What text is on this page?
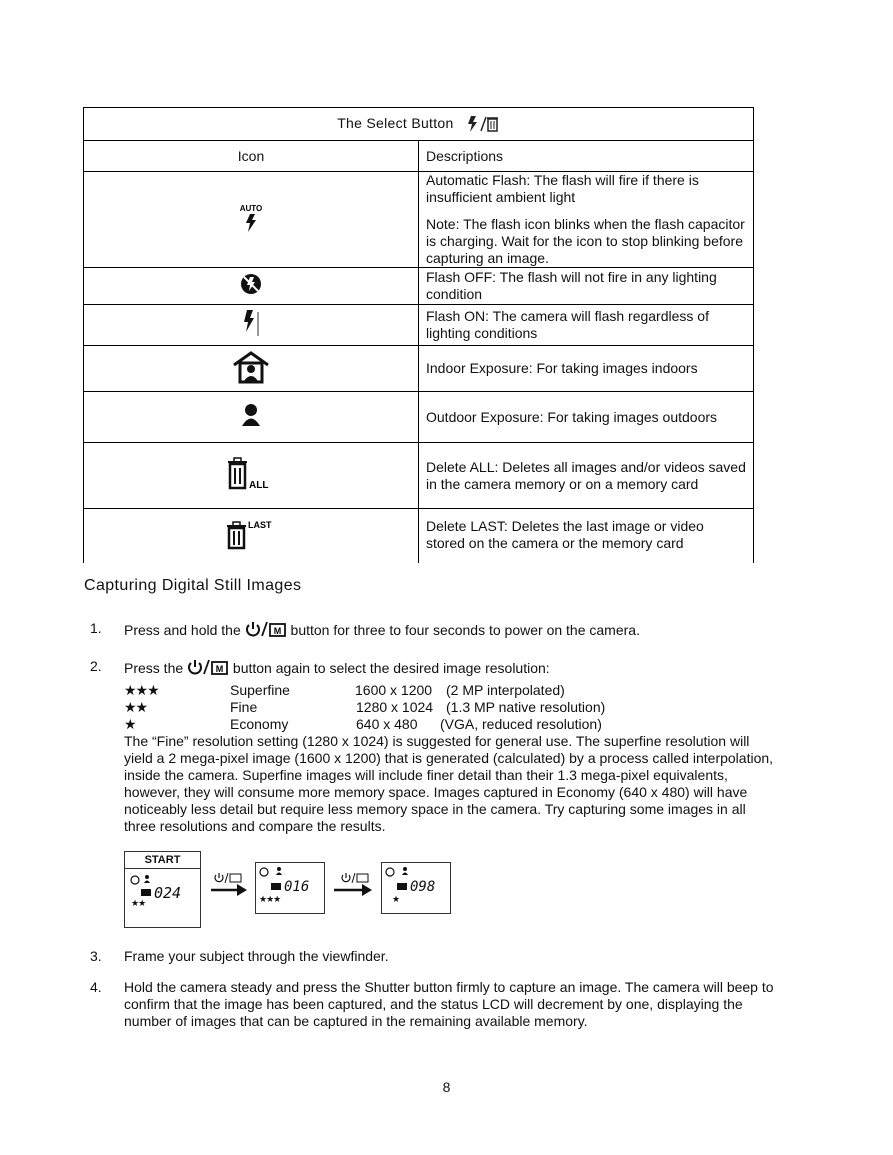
The Select Button	
Icon	Descriptions

AUTO	Automatic Flash: The flash will fire if there is insufficient ambient light

Note: The flash icon blinks when the flash capacitor is charging. Wait for the icon to stop blinking before capturing an image.

	Flash OFF: The flash will not fire in any lighting condition
	Flash ON: The camera will flash regardless of lighting conditions
	Indoor Exposure: For taking images indoors
	Outdoor Exposure: For taking images outdoors

ALL	Delete ALL: Deletes all images and/or videos saved in the camera memory or on a memory card

LAST	Delete LAST: Deletes the last image or video stored on the camera or the memory card
Capturing Digital Still Images
1.	Press and hold the	M button for three to four seconds to power on the camera.
2.	Press the	M button again to select the desired image resolution:
★★★	Superfine	1600 x 1200 (2 MP interpolated)
★★	Fine	1280 x 1024 (1.3 MP native resolution)
★	Economy	640 x 480 (VGA, reduced resolution)
The “Fine” resolution setting (1280 x 1024) is suggested for general use. The superfine resolution will yield a 2 mega-pixel image (1600 x 1200) that is generated (calculated) by a process called interpolation, inside the camera. Superfine images will include finer detail than their 1.3 mega-pixel equivalents, however, they will consume more memory space. Images captured in Economy (640 x 480) will have noticeably less detail but require less memory space in the camera. Try capturing some images in all three resolutions and compare the results.
START
024
★★
016
★★★
098
★
3.	Frame your subject through the viewfinder.
4.	Hold the camera steady and press the Shutter button firmly to capture an image. The camera will beep to confirm that the image has been captured, and the status LCD will decrement by one, displaying the number of images that can be captured in the remaining available memory.
8
